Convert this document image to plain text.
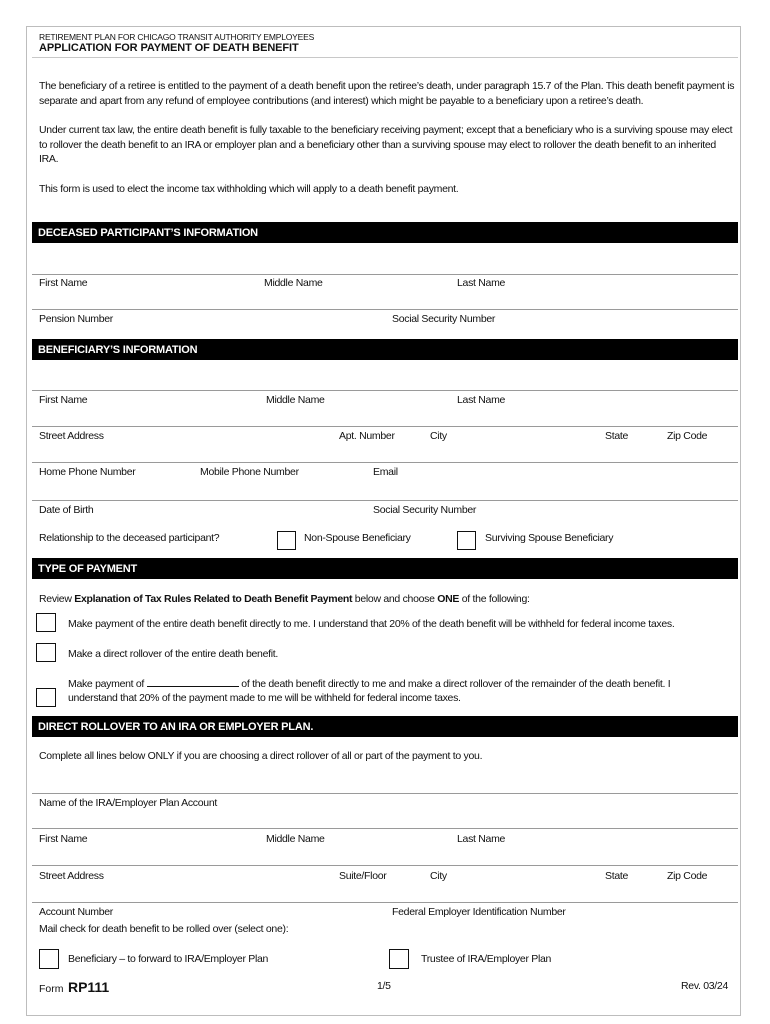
RETIREMENT PLAN FOR CHICAGO TRANSIT AUTHORITY EMPLOYEES
APPLICATION FOR PAYMENT OF DEATH BENEFIT
The beneficiary of a retiree is entitled to the payment of a death benefit upon the retiree’s death, under paragraph 15.7 of the Plan. This death benefit payment is separate and apart from any refund of employee contributions (and interest) which might be payable to a beneficiary upon a retiree’s death.
Under current tax law, the entire death benefit is fully taxable to the beneficiary receiving payment; except that a beneficiary who is a surviving spouse may elect to rollover the death benefit to an IRA or employer plan and a beneficiary other than a surviving spouse may elect to rollover the death benefit to an inherited IRA.
This form is used to elect the income tax withholding which will apply to a death benefit payment.
DECEASED PARTICIPANT’S INFORMATION
First Name	Middle Name	Last Name
Pension Number	Social Security Number
BENEFICIARY’S INFORMATION
First Name	Middle Name	Last Name
Street Address	Apt. Number	City	State	Zip Code
Home Phone Number	Mobile Phone Number	Email
Date of Birth	Social Security Number
Relationship to the deceased participant?	Non-Spouse Beneficiary	Surviving Spouse Beneficiary
TYPE OF PAYMENT
Review Explanation of Tax Rules Related to Death Benefit Payment below and choose ONE of the following:
Make payment of the entire death benefit directly to me. I understand that 20% of the death benefit will be withheld for federal income taxes.
Make a direct rollover of the entire death benefit.
Make payment of	of the death benefit directly to me and make a direct rollover of the remainder of the death benefit. I
understand that 20% of the payment made to me will be withheld for federal income taxes.
DIRECT ROLLOVER TO AN IRA OR EMPLOYER PLAN.
Complete all lines below ONLY if you are choosing a direct rollover of all or part of the payment to you.
Name of the IRA/Employer Plan Account
First Name	Middle Name	Last Name
Street Address	Suite/Floor	City	State	Zip Code
Account Number	Federal Employer Identification Number
Mail check for death benefit to be rolled over (select one):
Beneficiary – to forward to IRA/Employer Plan	Trustee of IRA/Employer Plan
Form RP111	1/5	Rev. 03/24
